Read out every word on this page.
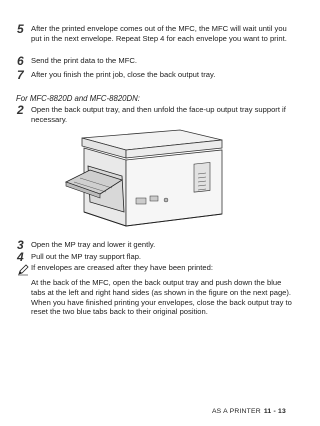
5 After the printed envelope comes out of the MFC, the MFC will wait until you put in the next envelope. Repeat Step 4 for each envelope you want to print.
6 Send the print data to the MFC.
7 After you finish the print job, close the back output tray.
For MFC-8820D and MFC-8820DN:
2 Open the back output tray, and then unfold the face-up output tray support if necessary.
3 Open the MP tray and lower it gently.
4 Pull out the MP tray support flap.
If envelopes are creased after they have been printed:
At the back of the MFC, open the back output tray and push down the blue tabs at the left and right hand sides (as shown in the figure on the next page). When you have finished printing your envelopes, close the back output tray to reset the two blue tabs back to their original position.
AS A PRINTER 11 - 13
